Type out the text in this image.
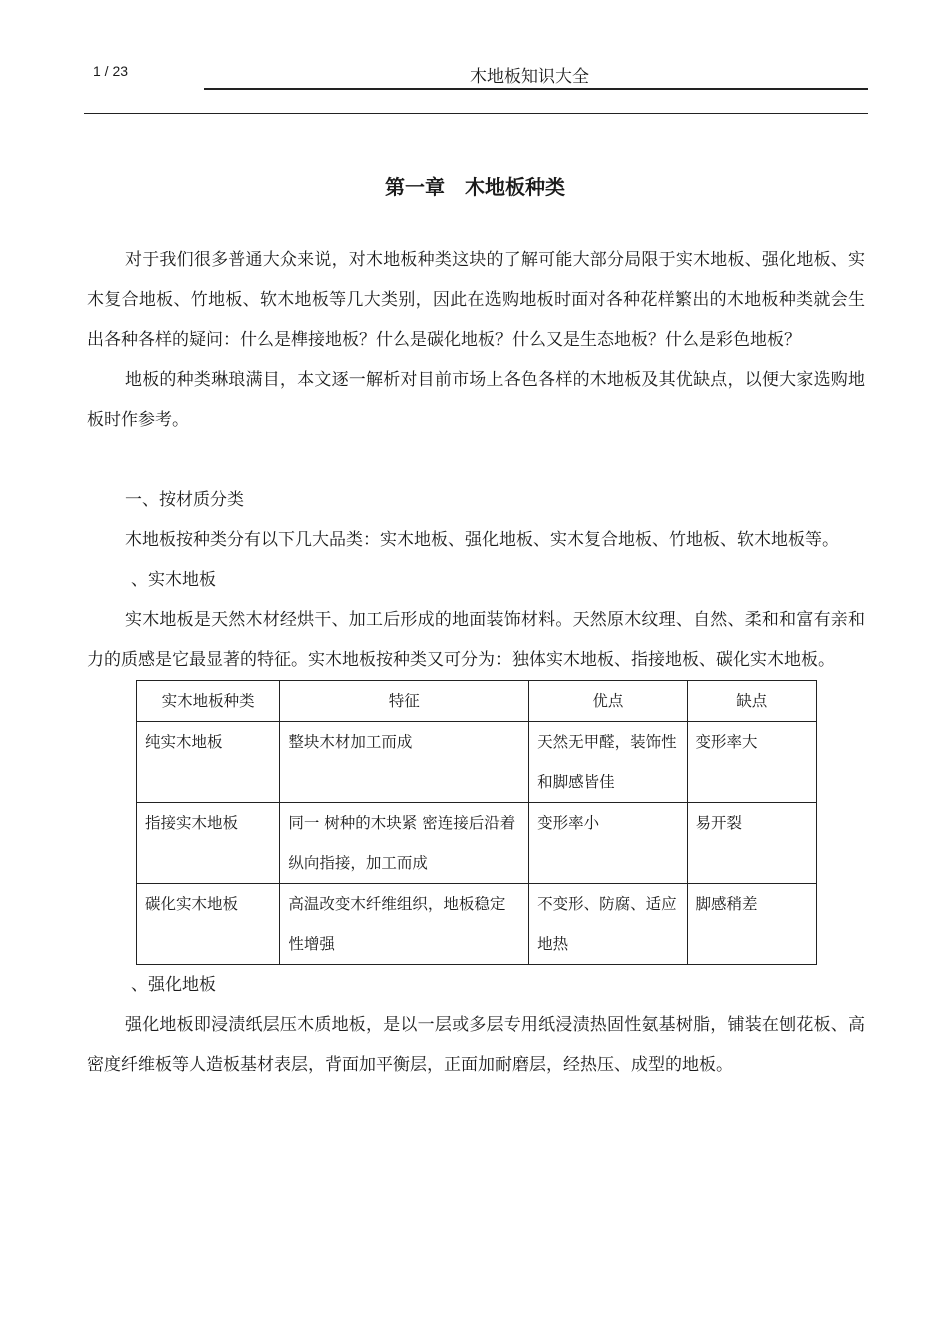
1 / 23	木地板知识大全
第一章　木地板种类

对于我们很多普通大众来说，对木地板种类这块的了解可能大部分局限于实木地板、强化地板、实木复合地板、竹地板、软木地板等几大类别，因此在选购地板时面对各种花样繁出的木地板种类就会生出各种各样的疑问：什么是榫接地板？什么是碳化地板？什么又是生态地板？什么是彩色地板？

地板的种类琳琅满目，本文逐一解析对目前市场上各色各样的木地板及其优缺点，以便大家选购地板时作参考。

一、按材质分类

木地板按种类分有以下几大品类：实木地板、强化地板、实木复合地板、竹地板、软木地板等。

、实木地板

实木地板是天然木材经烘干、加工后形成的地面装饰材料。天然原木纹理、自然、柔和和富有亲和力的质感是它最显著的特征。实木地板按种类又可分为：独体实木地板、指接地板、碳化实木地板。

实木地板种类	特征	优点	缺点
纯实木地板	整块木材加工而成	天然无甲醛，装饰性和脚感皆佳	变形率大
指接实木地板	同一 树种的木块紧 密连接后沿着纵向指接，加工而成	变形率小	易开裂
碳化实木地板	高温改变木纤维组织，地板稳定性增强	不变形、防腐、适应地热	脚感稍差
、强化地板

强化地板即浸渍纸层压木质地板，是以一层或多层专用纸浸渍热固性氨基树脂，铺装在刨花板、高密度纤维板等人造板基材表层，背面加平衡层，正面加耐磨层，经热压、成型的地板。
